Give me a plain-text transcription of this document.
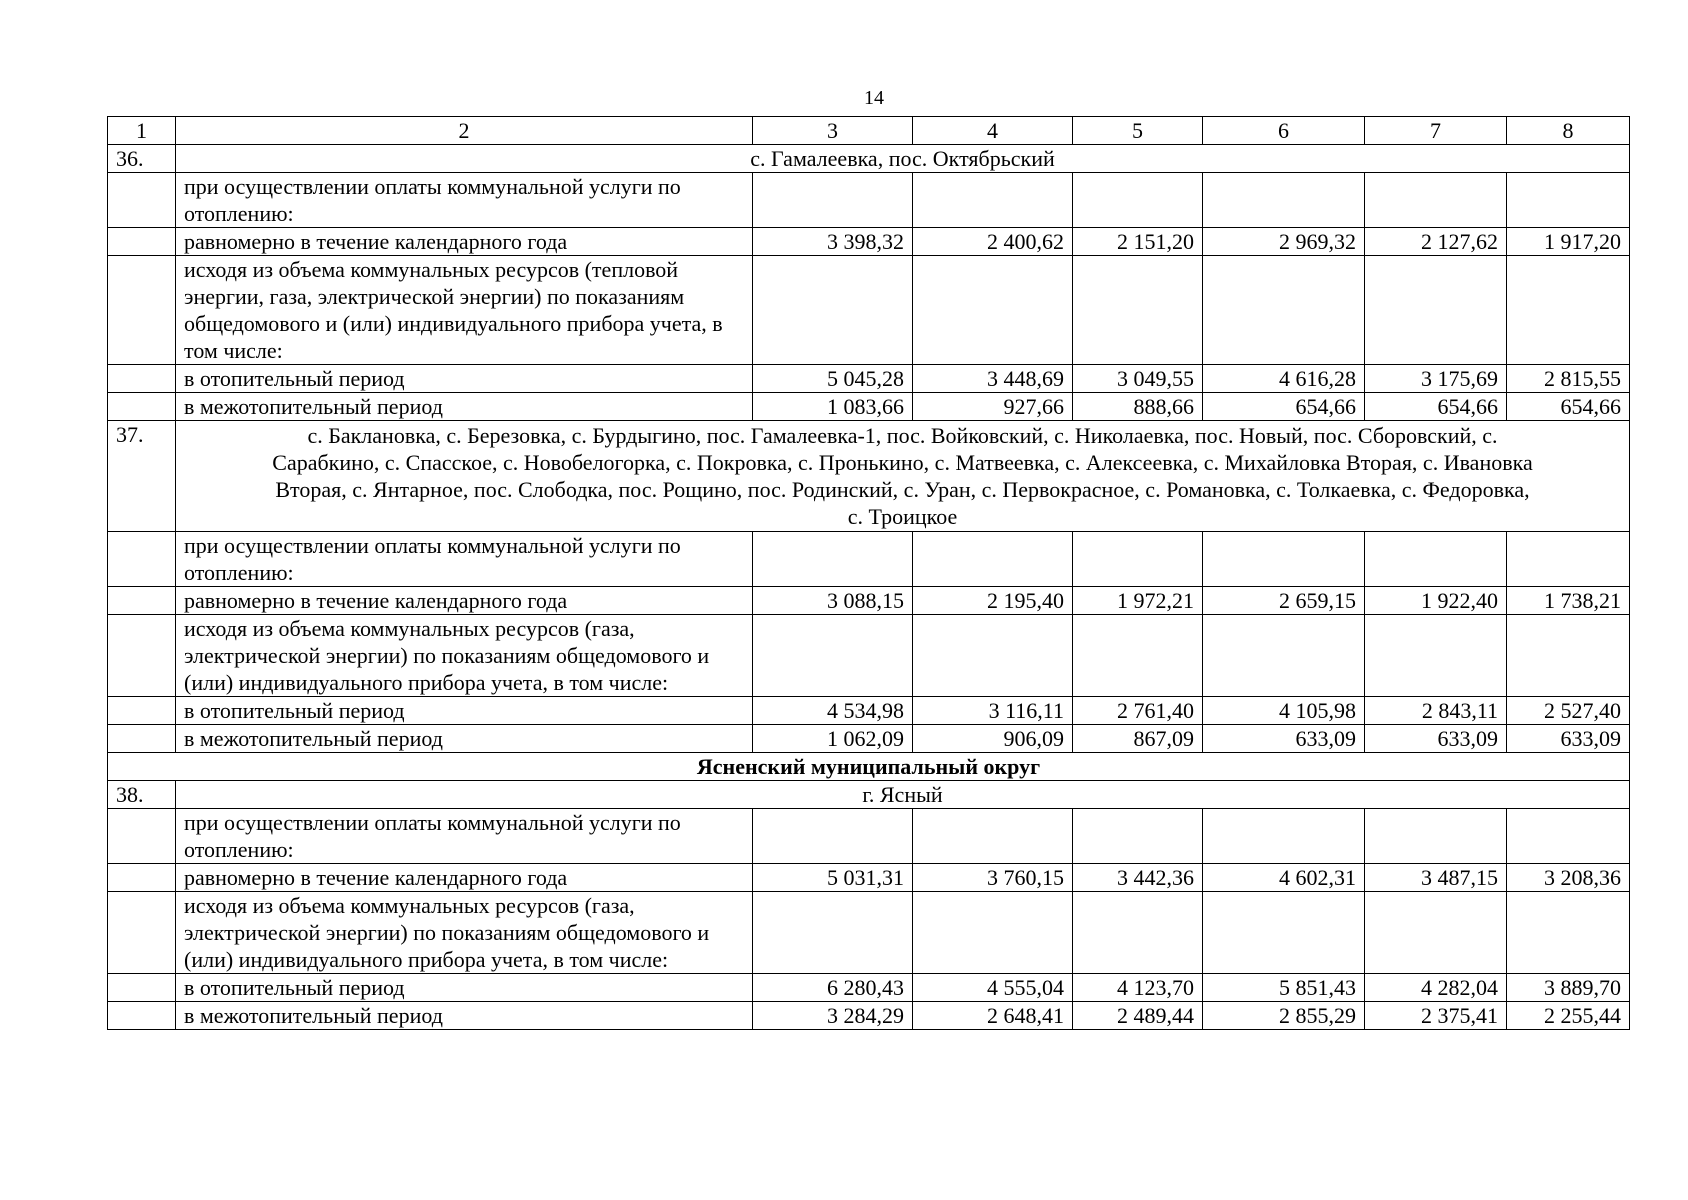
14
1	2	3	4	5	6	7	8
36.	с. Гамалеевка, пос. Октябрьский						
	при осуществлении оплаты коммунальной услуги по отоплению:						
	равномерно в течение календарного года	3 398,32	2 400,62	2 151,20	2 969,32	2 127,62	1 917,20
	исходя из объема коммунальных ресурсов (тепловой энергии, газа, электрической энергии) по показаниям общедомового и (или) индивидуального прибора учета, в том числе:						
	в отопительный период	5 045,28	3 448,69	3 049,55	4 616,28	3 175,69	2 815,55
	в межотопительный период	1 083,66	927,66	888,66	654,66	654,66	654,66
37.	с. Баклановка, с. Березовка, с. Бурдыгино, пос. Гамалеевка-1, пос. Войковский, с. Николаевка, пос. Новый, пос. Сборовский, с. Сарабкино, с. Спасское, с. Новобелогорка, с. Покровка, с. Пронькино, с. Матвеевка, с. Алексеевка, с. Михайловка Вторая, с. Ивановка Вторая, с. Янтарное, пос. Слободка, пос. Рощино, пос. Родинский, с. Уран, с. Первокрасное, с. Романовка, с. Толкаевка, с. Федоровка, с. Троицкое						
	при осуществлении оплаты коммунальной услуги по отоплению:						
	равномерно в течение календарного года	3 088,15	2 195,40	1 972,21	2 659,15	1 922,40	1 738,21
	исходя из объема коммунальных ресурсов (газа, электрической энергии) по показаниям общедомового и (или) индивидуального прибора учета, в том числе:						
	в отопительный период	4 534,98	3 116,11	2 761,40	4 105,98	2 843,11	2 527,40
	в межотопительный период	1 062,09	906,09	867,09	633,09	633,09	633,09
Ясненский муниципальный округ							
38.	г. Ясный						
	при осуществлении оплаты коммунальной услуги по отоплению:						
	равномерно в течение календарного года	5 031,31	3 760,15	3 442,36	4 602,31	3 487,15	3 208,36
	исходя из объема коммунальных ресурсов (газа, электрической энергии) по показаниям общедомового и (или) индивидуального прибора учета, в том числе:						
	в отопительный период	6 280,43	4 555,04	4 123,70	5 851,43	4 282,04	3 889,70
	в межотопительный период	3 284,29	2 648,41	2 489,44	2 855,29	2 375,41	2 255,44
